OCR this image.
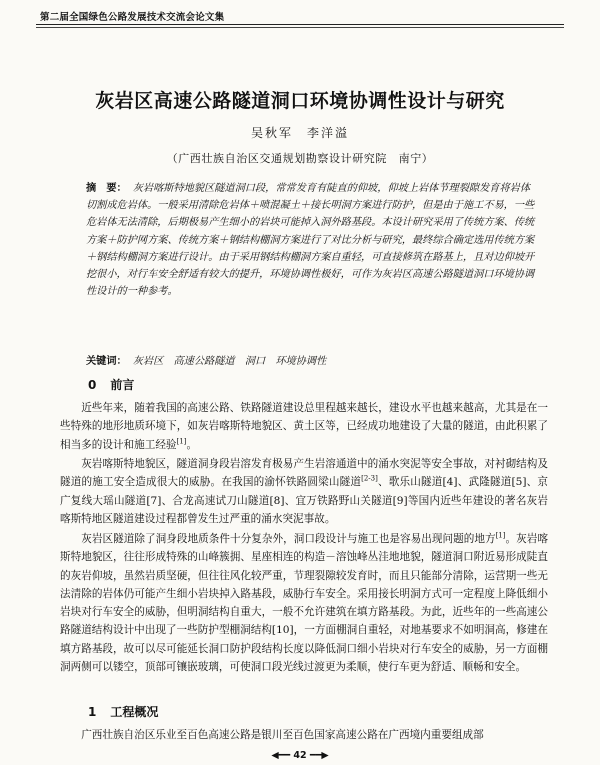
第二届全国绿色公路发展技术交流会论文集
灰岩区高速公路隧道洞口环境协调性设计与研究
吴秋军　李洋溢
（广西壮族自治区交通规划勘察设计研究院　南宁）
摘　要： 灰岩喀斯特地貌区隧道洞口段，常常发育有陡直的仰坡，仰坡上岩体节理裂隙发育将岩体切割成危岩体。一般采用清除危岩体＋喷混凝土＋接长明洞方案进行防护，但是由于施工不易，一些危岩体无法清除，后期极易产生细小的岩块可能掉入洞外路基段。本设计研究采用了传统方案、传统方案＋防护网方案、传统方案＋钢结构棚洞方案进行了对比分析与研究，最终综合确定选用传统方案＋钢结构棚洞方案进行设计。由于采用钢结构棚洞方案自重轻，可直接修筑在路基上，且对边仰坡开挖很小，对行车安全舒适有较大的提升，环境协调性极好，可作为灰岩区高速公路隧道洞口环境协调性设计的一种参考。
关键词： 灰岩区　高速公路隧道　洞口　环境协调性
0 前言
近些年来，随着我国的高速公路、铁路隧道建设总里程越来越长，建设水平也越来越高，尤其是在一些特殊的地形地质环境下，如灰岩喀斯特地貌区、黄土区等，已经成功地建设了大量的隧道，由此积累了相当多的设计和施工经验[1]。
灰岩喀斯特地貌区，隧道洞身段岩溶发育极易产生岩溶通道中的涌水突泥等安全事故，对衬砌结构及隧道的施工安全造成很大的威胁。在我国的渝怀铁路圆梁山隧道[2-3]、歌乐山隧道[4]、武隆隧道[5]、京广复线大瑶山隧道[7]、合龙高速试刀山隧道[8]、宜万铁路野山关隧道[9]等国内近些年建设的著名灰岩喀斯特地区隧道建设过程都曾发生过严重的涌水突泥事故。
灰岩区隧道除了洞身段地质条件十分复杂外，洞口段设计与施工也是容易出现问题的地方[1]。灰岩喀斯特地貌区，往往形成特殊的山峰簇拥、星座相连的构造－溶蚀峰丛洼地地貌，隧道洞口附近易形成陡直的灰岩仰坡，虽然岩质坚硬，但往往风化较严重，节理裂隙较发育时，而且只能部分清除，运营期一些无法清除的岩体仍可能产生细小岩块掉入路基段，威胁行车安全。采用接长明洞方式可一定程度上降低细小岩块对行车安全的威胁，但明洞结构自重大，一般不允许建筑在填方路基段。为此，近些年的一些高速公路隧道结构设计中出现了一些防护型棚洞结构[10]，一方面棚洞自重轻，对地基要求不如明洞高，修建在填方路基段，故可以尽可能延长洞口防护段结构长度以降低洞口细小岩块对行车安全的威胁，另一方面棚洞两侧可以镂空，顶部可镶嵌玻璃，可使洞口段光线过渡更为柔顺，使行车更为舒适、顺畅和安全。
1 工程概况
广西壮族自治区乐业至百色高速公路是银川至百色国家高速公路在广西境内重要组成部
◀━━ 42 ━━▶
